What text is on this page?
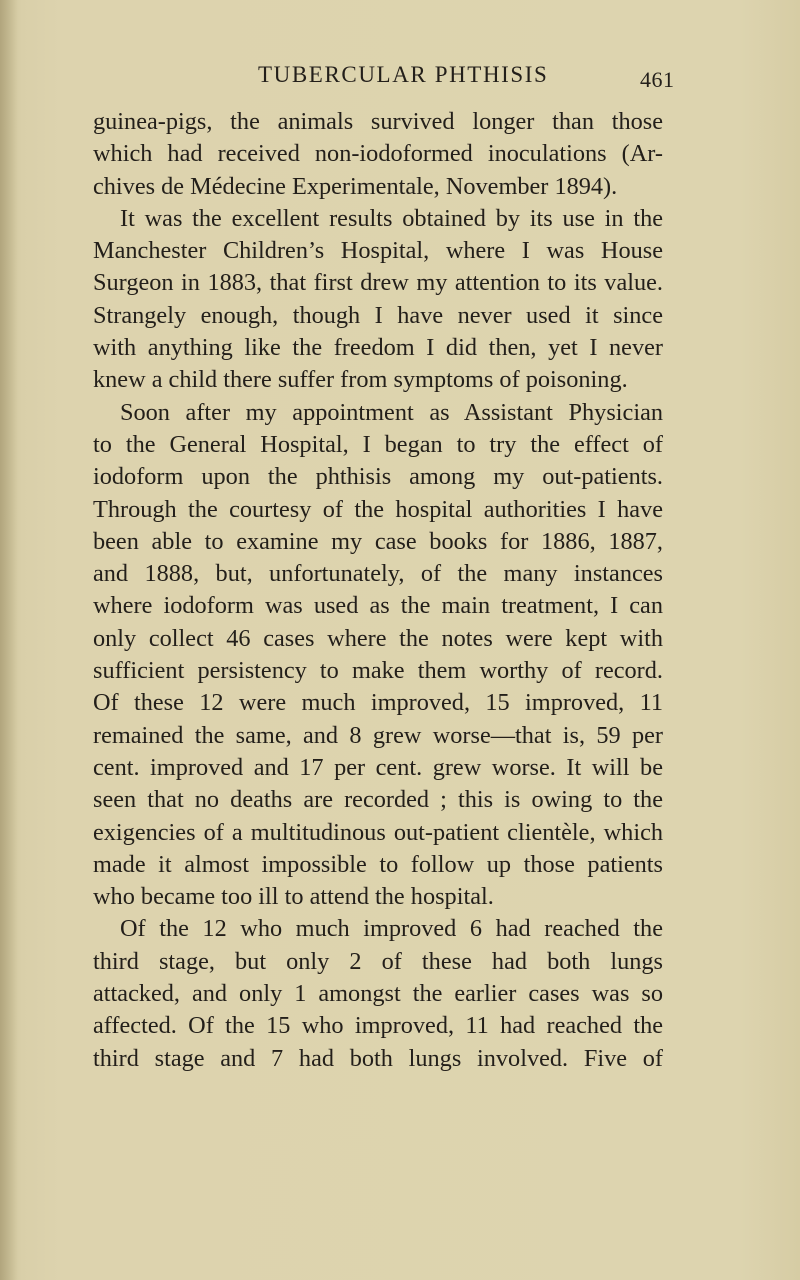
TUBERCULAR PHTHISIS	461
guinea-pigs, the animals survived longer than those
which had received non-iodoformed inoculations (Ar-
chives de Médecine Experimentale, November 1894).
It was the excellent results obtained by its use in the
Manchester Children’s Hospital, where I was House
Surgeon in 1883, that first drew my attention to its value.
Strangely enough, though I have never used it since
with anything like the freedom I did then, yet I never
knew a child there suffer from symptoms of poisoning.
Soon after my appointment as Assistant Physician
to the General Hospital, I began to try the effect of
iodoform upon the phthisis among my out-patients.
Through the courtesy of the hospital authorities I have
been able to examine my case books for 1886, 1887,
and 1888, but, unfortunately, of the many instances
where iodoform was used as the main treatment, I can
only collect 46 cases where the notes were kept with
sufficient persistency to make them worthy of record.
Of these 12 were much improved, 15 improved, 11
remained the same, and 8 grew worse—that is, 59 per
cent. improved and 17 per cent. grew worse. It will be
seen that no deaths are recorded ; this is owing to the
exigencies of a multitudinous out-patient clientèle, which
made it almost impossible to follow up those patients
who became too ill to attend the hospital.
Of the 12 who much improved 6 had reached the
third stage, but only 2 of these had both lungs
attacked, and only 1 amongst the earlier cases was so
affected. Of the 15 who improved, 11 had reached the
third stage and 7 had both lungs involved. Five of
